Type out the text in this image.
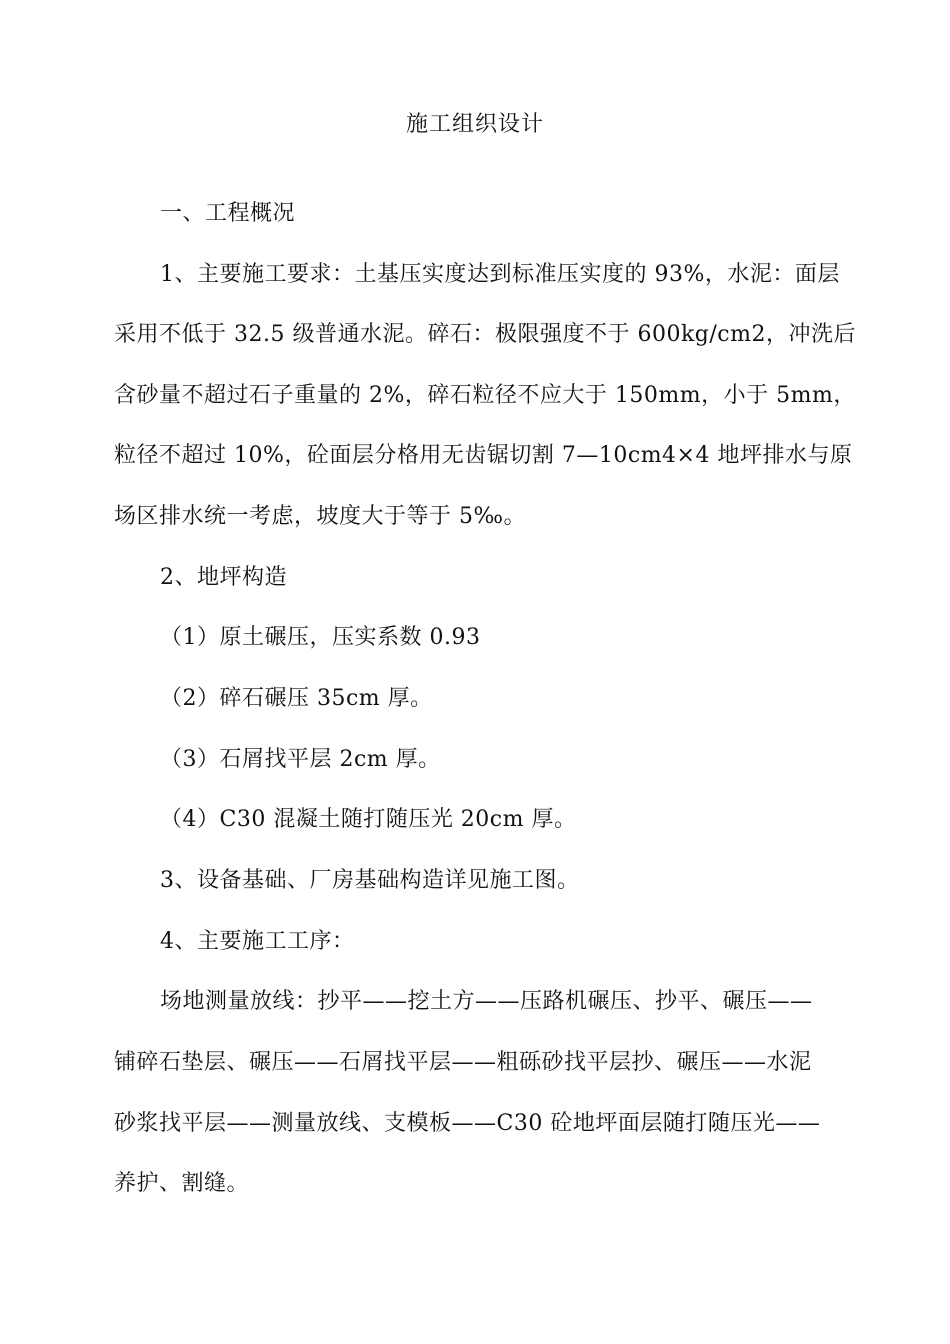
施工组织设计
一、工程概况
1、主要施工要求：土基压实度达到标准压实度的 93%，水泥：面层
采用不低于 32.5 级普通水泥。碎石：极限强度不于 600kg/cm2，冲洗后
含砂量不超过石子重量的 2%，碎石粒径不应大于 150mm，小于 5mm，
粒径不超过 10%，砼面层分格用无齿锯切割 7—10cm4×4 地坪排水与原
场区排水统一考虑，坡度大于等于 5‰。
2、地坪构造
（1）原土碾压，压实系数 0.93
（2）碎石碾压 35cm 厚。
（3）石屑找平层 2cm 厚。
（4）C30 混凝土随打随压光 20cm 厚。
3、设备基础、厂房基础构造详见施工图。
4、主要施工工序：
场地测量放线：抄平——挖土方——压路机碾压、抄平、碾压——
铺碎石垫层、碾压——石屑找平层——粗砾砂找平层抄、碾压——水泥
砂浆找平层——测量放线、支模板——C30 砼地坪面层随打随压光——
养护、割缝。
